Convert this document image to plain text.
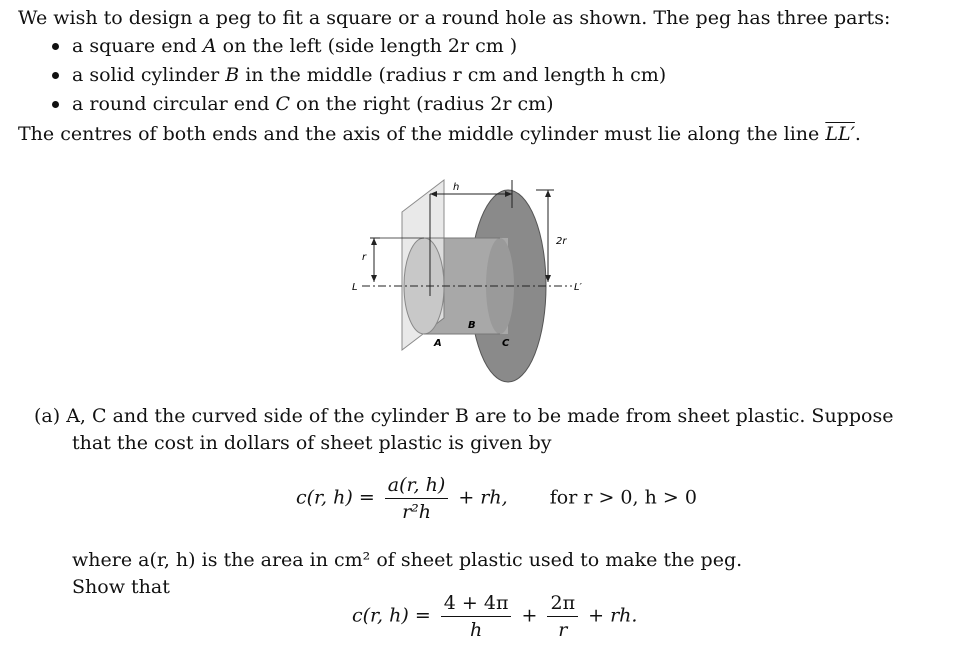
We wish to design a peg to fit a square or a round hole as shown. The peg has three parts:
a square end A on the left (side length 2r cm )
a solid cylinder B in the middle (radius r cm and length h cm)
a round circular end C on the right (radius 2r cm)
The centres of both ends and the axis of the middle cylinder must lie along the line LL′.
h
2r
r
L	L′
A
B
C
(a) A, C and the curved side of the cylinder B are to be made from sheet plastic. Suppose
that the cost in dollars of sheet plastic is given by
c(r, $h) = \frac{a(r, h)}{\text{r²h}}$ + rh, for r > 0, h > 0
where a(r, h) is the area in cm² of sheet plastic used to make the peg.
Show that
c(r, $h) = \frac{4 + 4\pi}{h} + \frac{2\pi}{r}$ + rh.
